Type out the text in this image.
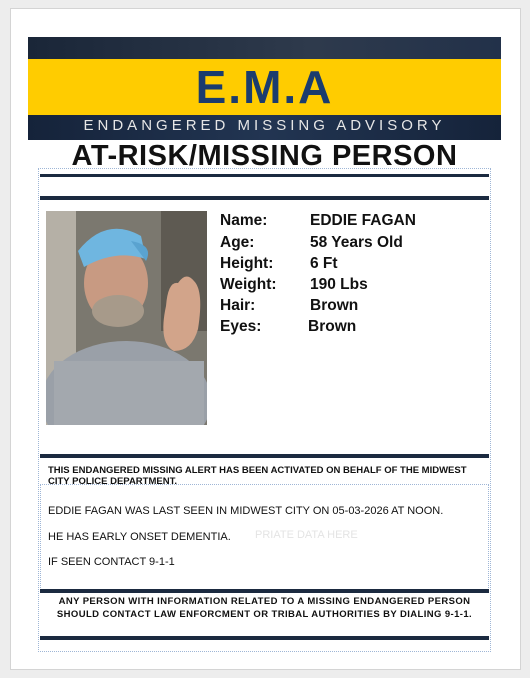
E.M.A
ENDANGERED MISSING ADVISORY
AT-RISK/MISSING PERSON
Name:	EDDIE FAGAN
Age:	58 Years Old
Height: 6 Ft
Weight: 190 Lbs
Hair:	Brown
Eyes:	Brown
THIS ENDANGERED MISSING ALERT HAS BEEN ACTIVATED ON BEHALF OF THE MIDWEST CITY POLICE DEPARTMENT.
PRIATE DATA HERE
EDDIE FAGAN WAS LAST SEEN IN MIDWEST CITY ON 05-03-2026 AT NOON.
HE HAS EARLY ONSET DEMENTIA.
IF SEEN CONTACT 9-1-1
ANY PERSON WITH INFORMATION RELATED TO A MISSING ENDANGERED PERSON SHOULD CONTACT LAW ENFORCMENT OR TRIBAL AUTHORITIES BY DIALING 9-1-1.
